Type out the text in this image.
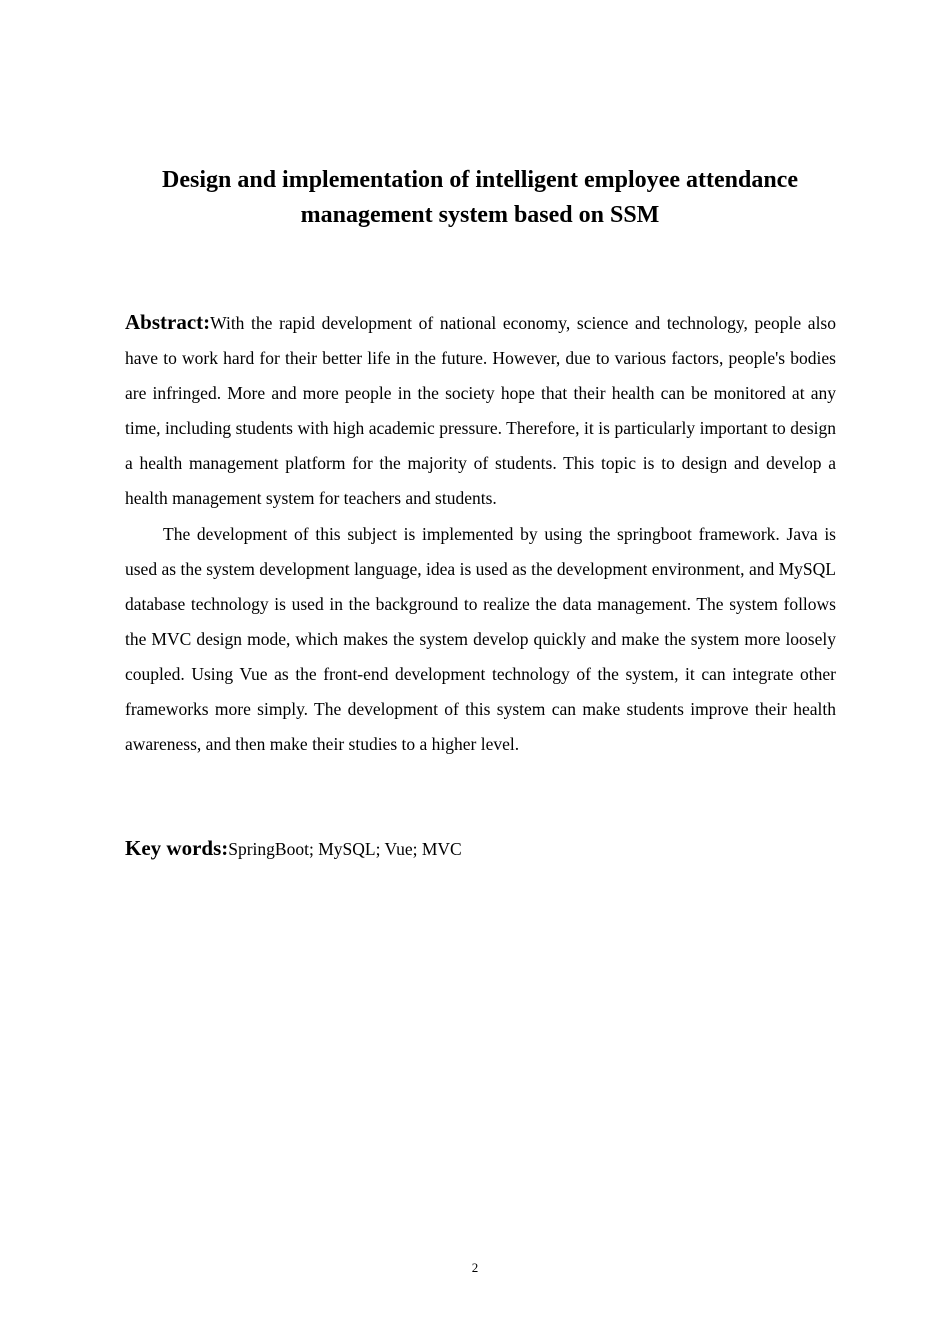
Design and implementation of intelligent employee attendance
management system based on SSM

Abstract:With the rapid development of national economy, science and technology, people also have to work hard for their better life in the future. However, due to various factors, people's bodies are infringed. More and more people in the society hope that their health can be monitored at any time, including students with high academic pressure. Therefore, it is particularly important to design a health management platform for the majority of students. This topic is to design and develop a health management system for teachers and students.

The development of this subject is implemented by using the springboot framework. Java is used as the system development language, idea is used as the development environment, and MySQL database technology is used in the background to realize the data management. The system follows the MVC design mode, which makes the system develop quickly and make the system more loosely coupled. Using Vue as the front-end development technology of the system, it can integrate other frameworks more simply. The development of this system can make students improve their health awareness, and then make their studies to a higher level.

Key words:SpringBoot; MySQL; Vue; MVC

2
